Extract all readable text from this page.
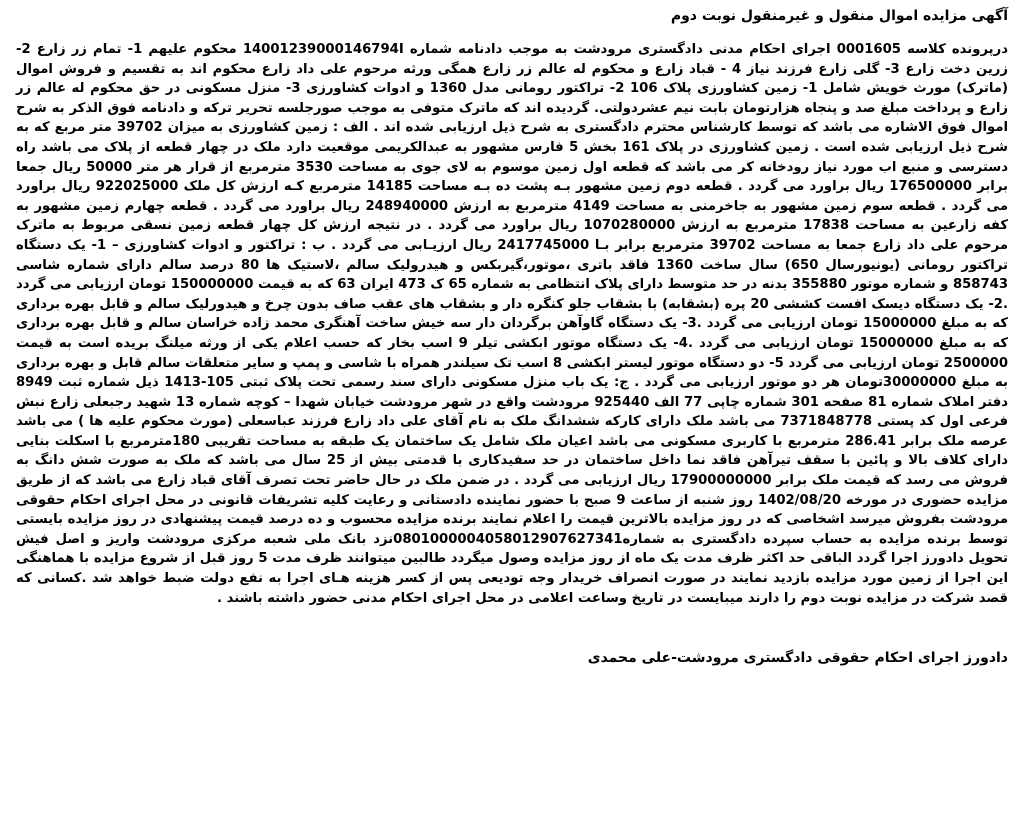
آگهی مزایده اموال منقول و غیرمنقول نوبت دوم
درپرونده کلاسه 0001605 اجرای احکام مدنی دادگستری مرودشت به موجب دادنامه شماره 14001239000146794I محکوم علیهم 1- تمام زر زارع 2- زرین دخت زارع 3- گلی زارع فرزند نیاز 4 - قباد زارع و محکوم له عالم زر زارع همگی ورثه مرحوم علی داد زارع محکوم اند به تقسیم و فروش اموال (ماترک) مورث خویش شامل 1- زمین کشاورزی پلاک 106 2- تراکتور رومانی مدل 1360 و ادوات کشاورزی 3- منزل مسکونی در حق محکوم له عالم زر زارع و پرداخت مبلغ صد و پنجاه هزارتومان بابت نیم عشردولتی. گردیده اند که ماترک متوفی به موجب صورجلسه تحریر ترکه و دادنامه فوق الذکر به شرح اموال فوق الاشاره می باشد که توسط کارشناس محترم دادگستری به شرح ذیل ارزیابی شده اند . الف : زمین کشاورزی به میزان 39702 متر مربع که به شرح ذیل ارزیابی شده است . زمین کشاورزی در پلاک 161 بخش 5 فارس مشهور به عبدالکریمی موقعیت دارد ملک در چهار قطعه از پلاک می باشد راه دسترسی و منبع اب مورد نیاز رودخانه کر می باشد که قطعه اول زمین موسوم به لای جوی به مساحت 3530 مترمربع از قرار هر متر 50000 ریال جمعا برابر 176500000 ریال براورد می گردد . قطعه دوم زمین مشهور بـه پشت ده بـه مساحت 14185 مترمربع کـه ارزش کل ملک 922025000 ریال براورد می گردد . قطعه سوم زمین مشهور به جاخرمنی به مساحت 4149 مترمربع به ارزش 248940000 ریال براورد می گردد . قطعه چهارم زمین مشهور به کفه زارعین به مساحت 17838 مترمربع به ارزش 1070280000 ریال براورد می گردد . در نتیجه ارزش کل چهار قطعه زمین نسقی مربوط به ماترک مرحوم علی داد زارع جمعا به مساحت 39702 مترمربع برابر بـا 2417745000 ریال ارزیـابی می گردد . ب : تراکتور و ادوات کشاورزی – 1- یک دستگاه تراکتور رومانی (یونیورسال 650) سال ساخت 1360 فاقد باتری ،موتور،گیربکس و هیدرولیک سالم ،لاستیک ها 80 درصد سالم دارای شماره شاسی 858743 و شماره موتور 355880 بدنه در حد متوسط دارای پلاک انتظامی به شماره 65 ک 473 ایران 63 که به قیمت 150000000 تومان ارزیابی می گردد .2- یک دستگاه دیسک افست کششی 20 پره (بشقابه) با بشقاب جلو کنگره دار و بشقاب های عقب صاف بدون چرخ و هیدورلیک سالم و قابل بهره برداری که به مبلغ 15000000 تومان ارزیابی می گردد .3- یک دستگاه گاوآهن برگردان دار سه خیش ساخت آهنگری محمد زاده خراسان سالم و قابل بهره برداری که به مبلغ 15000000 تومان ارزیابی می گردد .4- یک دستگاه موتور ابکشی تیلر 9 اسب بخار که حسب اعلام یکی از ورثه میلنگ بریده است به قیمت 2500000 تومان ارزیابی می گردد 5- دو دستگاه موتور لیستر ابکشی 8 اسب تک سیلندر همراه با شاسی و پمپ و سایر متعلقات سالم قابل و بهره برداری به مبلغ 30000000تومان هر دو موتور ارزیابی می گردد . ج: یک باب منزل مسکونی دارای سند رسمی تحت پلاک ثبتی 105-1413 ذیل شماره ثبت 8949 دفتر املاک شماره 81 صفحه 301 شماره چاپی 77 الف 925440 مرودشت واقع در شهر مرودشت خیابان شهدا – کوچه شماره 13 شهید رجبعلی زارع نبش فرعی اول کد پستی 7371848778 می باشد ملک دارای کارکه ششدانگ ملک به نام آقای علی داد زارع فرزند عباسعلی (مورث محکوم علیه ها ) می باشد عرصه ملک برابر 286.41 مترمربع با کاربری مسکونی می باشد اعیان ملک شامل یک ساختمان یک طبقه به مساحت تقریبی 180مترمربع با اسکلت بنایی دارای کلاف بالا و پائین با سقف تیرآهن فاقد نما داخل ساختمان در حد سفیدکاری با قدمتی بیش از 25 سال می باشد که ملک به صورت شش دانگ به فروش می رسد که قیمت ملک برابر 17900000000 ریال ارزیابی می گردد . در ضمن ملک در حال حاضر تحت تصرف آقای قباد زارع می باشد که از طریق مزایده حضوری در مورخه 1402/08/20 روز شنبه از ساعت 9 صبح با حضور نماینده دادستانی و رعایت کلیه تشریفات قانونی در محل اجرای احکام حقوقی مرودشت بفروش میرسد اشخاصی که در روز مزایده بالاترین قیمت را اعلام نمایند برنده مزایده محسوب و ده درصد قیمت پیشنهادی در روز مزایده بایستی توسط برنده مزایده به حساب سپرده دادگستری به شماره0801000004058012907627341نزد بانک ملی شعبه مرکزی مرودشت واریز و اصل فیش تحویل دادورز اجرا گردد الباقی حد اکثر ظرف مدت یک ماه از روز مزایده وصول میگردد طالبین میتوانند ظرف مدت 5 روز قبل از شروع مزایده با هماهنگی این اجرا از زمین مورد مزایده بازدید نمایند در صورت انصراف خریدار وجه تودیعی پس از کسر هزینه هـای اجرا به نفع دولت ضبط خواهد شد .کسانی که قصد شرکت در مزایده نوبت دوم را دارند میبایست در تاریخ وساعت اعلامی در محل اجرای احکام مدنی حضور داشته باشند .
دادورز اجرای احکام حقوقی دادگستری مرودشت-علی محمدی
